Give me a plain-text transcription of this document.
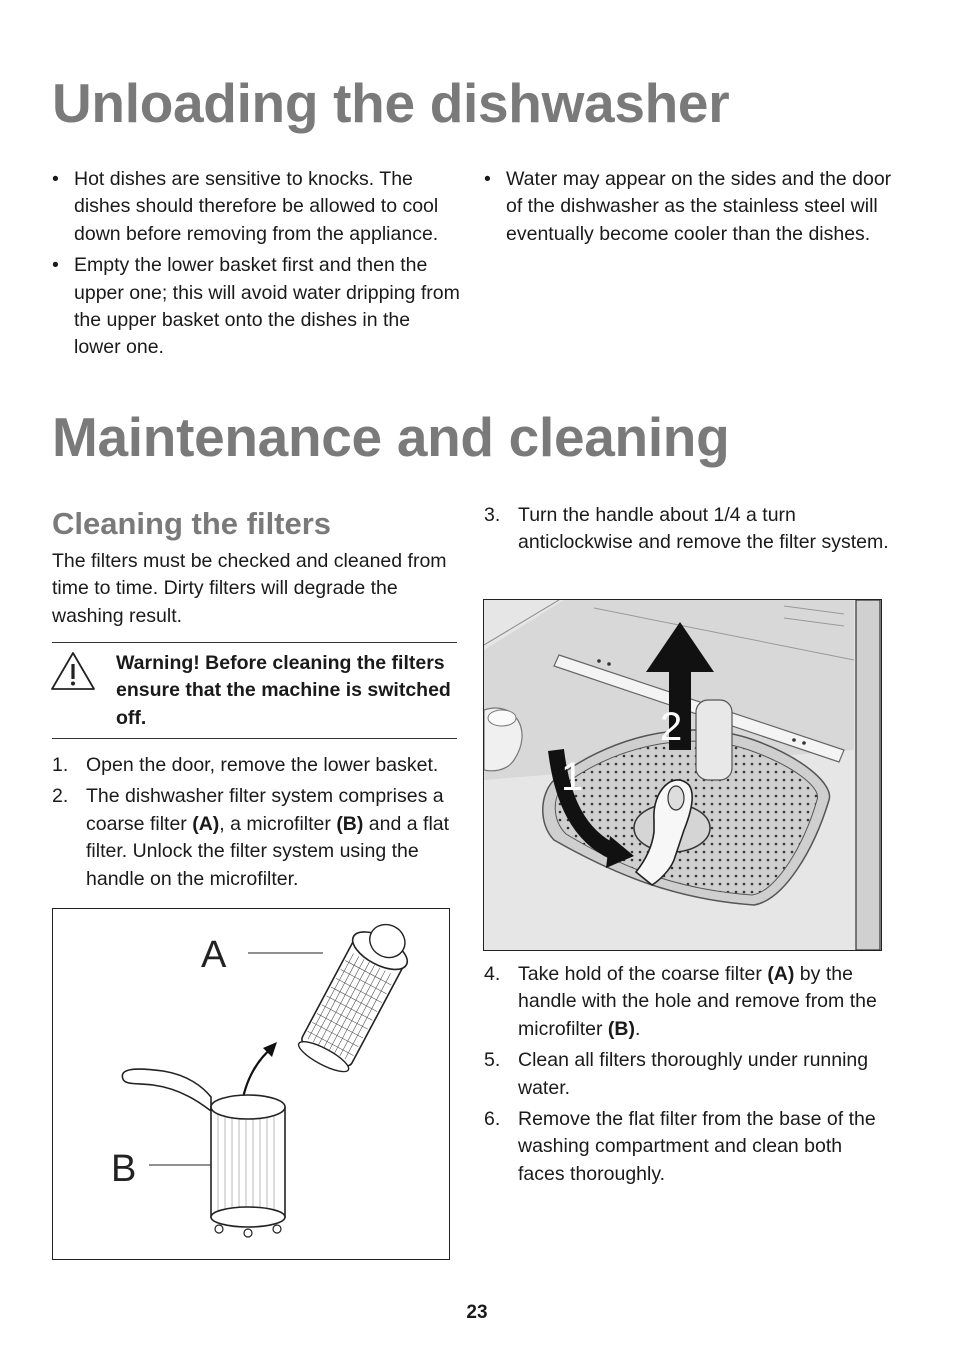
Unloading the dishwasher
• Hot dishes are sensitive to knocks. The dishes should therefore be allowed to cool down before removing from the appliance.
• Empty the lower basket first and then the upper one; this will avoid water dripping from the upper basket onto the dishes in the lower one.
• Water may appear on the sides and the door of the dishwasher as the stainless steel will eventually become cooler than the dishes.
Maintenance and cleaning
Cleaning the filters
The filters must be checked and cleaned from time to time. Dirty filters will degrade the washing result.
Warning! Before cleaning the filters ensure that the machine is switched off.
1. Open the door, remove the lower basket.
2. The dishwasher filter system comprises a coarse filter (A), a microfilter (B) and a flat filter. Unlock the filter system using the handle on the microfilter.
A
B
3. Turn the handle about 1/4 a turn anticlockwise and remove the filter system.
2
1
4. Take hold of the coarse filter (A) by the handle with the hole and remove from the microfilter (B).
5. Clean all filters thoroughly under running water.
6. Remove the flat filter from the base of the washing compartment and clean both faces thoroughly.
23
